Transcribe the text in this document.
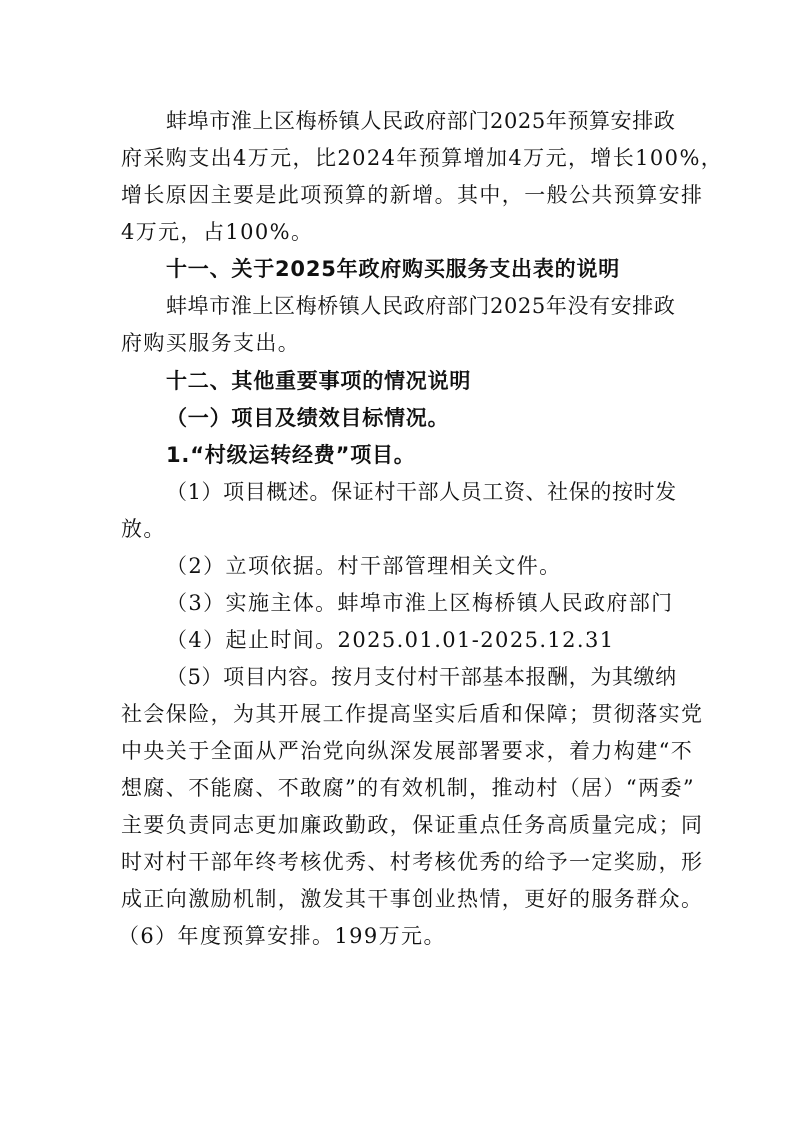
蚌埠市淮上区梅桥镇人民政府部门2025年预算安排政
府采购支出4万元，比2024年预算增加4万元，增长100%，
增长原因主要是此项预算的新增。其中，一般公共预算安排
4万元，占100%。
十一、关于2025年政府购买服务支出表的说明
蚌埠市淮上区梅桥镇人民政府部门2025年没有安排政
府购买服务支出。
十二、其他重要事项的情况说明
（一）项目及绩效目标情况。
1.“村级运转经费”项目。
（1）项目概述。保证村干部人员工资、社保的按时发
放。
（2）立项依据。村干部管理相关文件。
（3）实施主体。蚌埠市淮上区梅桥镇人民政府部门
（4）起止时间。2025.01.01-2025.12.31
（5）项目内容。按月支付村干部基本报酬，为其缴纳
社会保险，为其开展工作提高坚实后盾和保障；贯彻落实党
中央关于全面从严治党向纵深发展部署要求，着力构建“不
想腐、不能腐、不敢腐”的有效机制，推动村（居）“两委”
主要负责同志更加廉政勤政，保证重点任务高质量完成；同
时对村干部年终考核优秀、村考核优秀的给予一定奖励，形
成正向激励机制，激发其干事创业热情，更好的服务群众。
（6）年度预算安排。199万元。
